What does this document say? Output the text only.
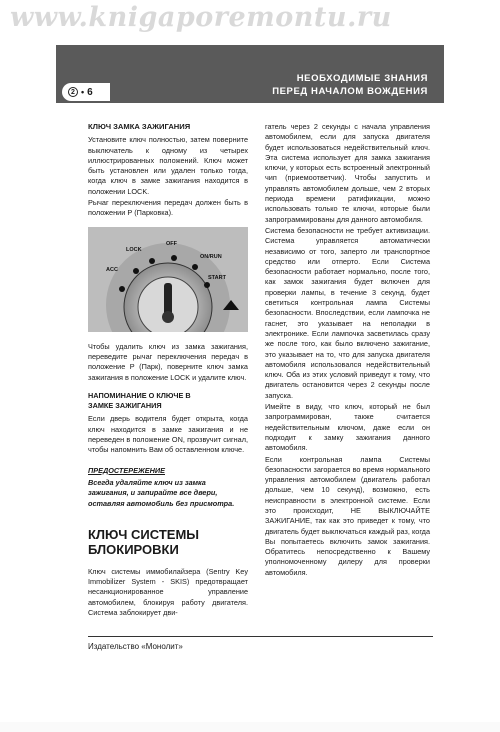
www.knigaporemontu.ru
НЕОБХОДИМЫЕ ЗНАНИЯ
ПЕРЕД НАЧАЛОМ ВОЖДЕНИЯ
2 • 6
КЛЮЧ ЗАМКА ЗАЖИГАНИЯ
Установите ключ полностью, затем поверните выключатель к одному из четырех иллюстрированных положений. Ключ может быть установлен или удален только тогда, когда ключ в замке зажигания находится в положении LOCK.
Рычаг переключения передач должен быть в положении Р (Парковка).
OFF
LOCK
ON/RUN
ACC
START
Чтобы удалить ключ из замка зажигания, переведите рычаг переключения передач в положение Р (Парк), поверните ключ замка зажигания в положение LOCK и удалите ключ.
НАПОМИНАНИЕ О КЛЮЧЕ В
ЗАМКЕ ЗАЖИГАНИЯ
Если дверь водителя будет открыта, когда ключ находится в замке зажигания и не переведен в положение ON, прозвучит сигнал, чтобы напомнить Вам об оставленном ключе.
ПРЕДОСТЕРЕЖЕНИЕ
Всегда удаляйте ключ из замка зажигания, и запирайте все двери, оставляя автомобиль без присмотра.
КЛЮЧ СИСТЕМЫ
БЛОКИРОВКИ
Ключ системы иммобилайзера (Sentry Key Immobilizer System - SKIS) предотвращает несанкционированное управление автомобилем, блокируя работу двигателя. Система заблокирует дви-
гатель через 2 секунды с начала управления автомобилем, если для запуска двигателя будет использоваться недействительный ключ. Эта система использует для замка зажигания ключи, у которых есть встроенный электронный чип (приемоответчик). Чтобы запустить и управлять автомобилем дольше, чем 2 вторых периода времени ратификации, можно использовать только те ключи, которые были запрограммированы для данного автомобиля.
Система безопасности не требует активизации. Система управляется автоматически независимо от того, заперто ли транспортное средство или отперто. Если Система безопасности работает нормально, после того, как замок зажигания будет включен для проверки лампы, в течение 3 секунд, будет светиться контрольная лампа Системы безопасности. Впоследствии, если лампочка не гаснет, это указывает на неполадки в электронике. Если лампочка засветилась сразу же после того, как было включено зажигание, это указывает на то, что для запуска двигателя автомобиля использовался недействительный ключ. Оба из этих условий приведут к тому, что двигатель остановится через 2 секунды после запуска.
Имейте в виду, что ключ, который не был запрограммирован, также считается недействительным ключом, даже если он подходит к замку зажигания данного автомобиля.
Если контрольная лампа Системы безопасности загорается во время нормального управления автомобилем (двигатель работал дольше, чем 10 секунд), возможно, есть неисправности в электронной системе. Если это происходит, НЕ ВЫКЛЮЧАЙТЕ ЗАЖИГАНИЕ, так как это приведет к тому, что двигатель будет выключаться каждый раз, когда Вы попытаетесь включить замок зажигания. Обратитесь непосредственно к Вашему уполномоченному дилеру для проверки автомобиля.
Издательство «Монолит»
